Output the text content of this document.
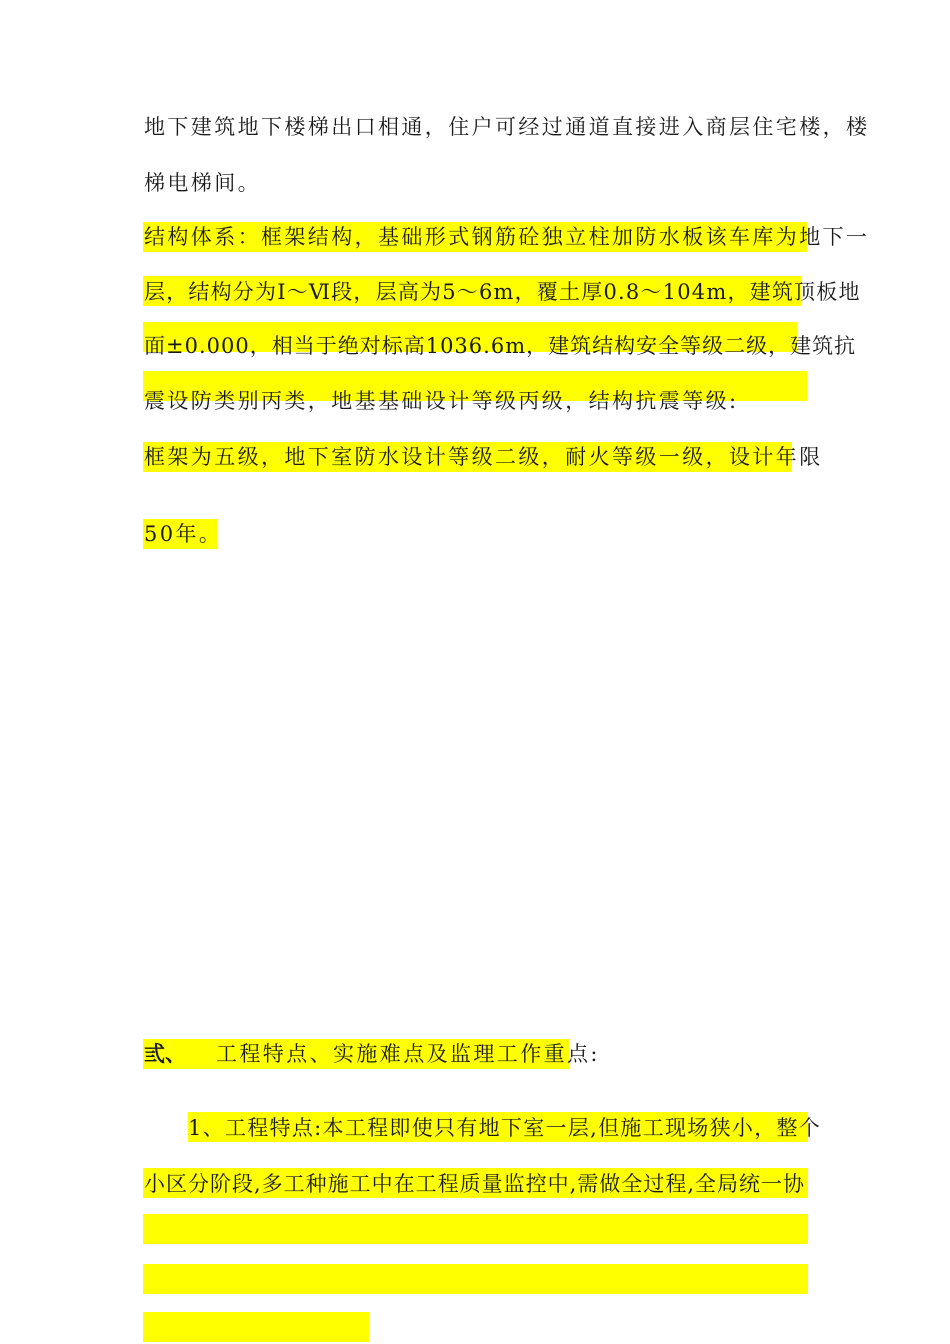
地下建筑地下楼梯出口相通，住户可经过通道直接进入商层住宅楼，楼
梯电梯间。
结构体系：框架结构，基础形式钢筋砼独立柱加防水板该车库为地下一
层，结构分为Ⅰ～Ⅵ段，层高为5～6m，覆土厚0.8～104m，建筑顶板地
面±0.000，相当于绝对标高1036.6m，建筑结构安全等级二级，建筑抗
震设防类别丙类，地基基础设计等级丙级，结构抗震等级:
框架为五级，地下室防水设计等级二级，耐火等级一级，设计年限
50年。
弎、 工程特点、实施难点及监理工作重点:
1、工程特点:本工程即使只有地下室一层,但施工现场狭小，整个
小区分阶段,多工种施工中在工程质量监控中,需做全过程,全局统一协
